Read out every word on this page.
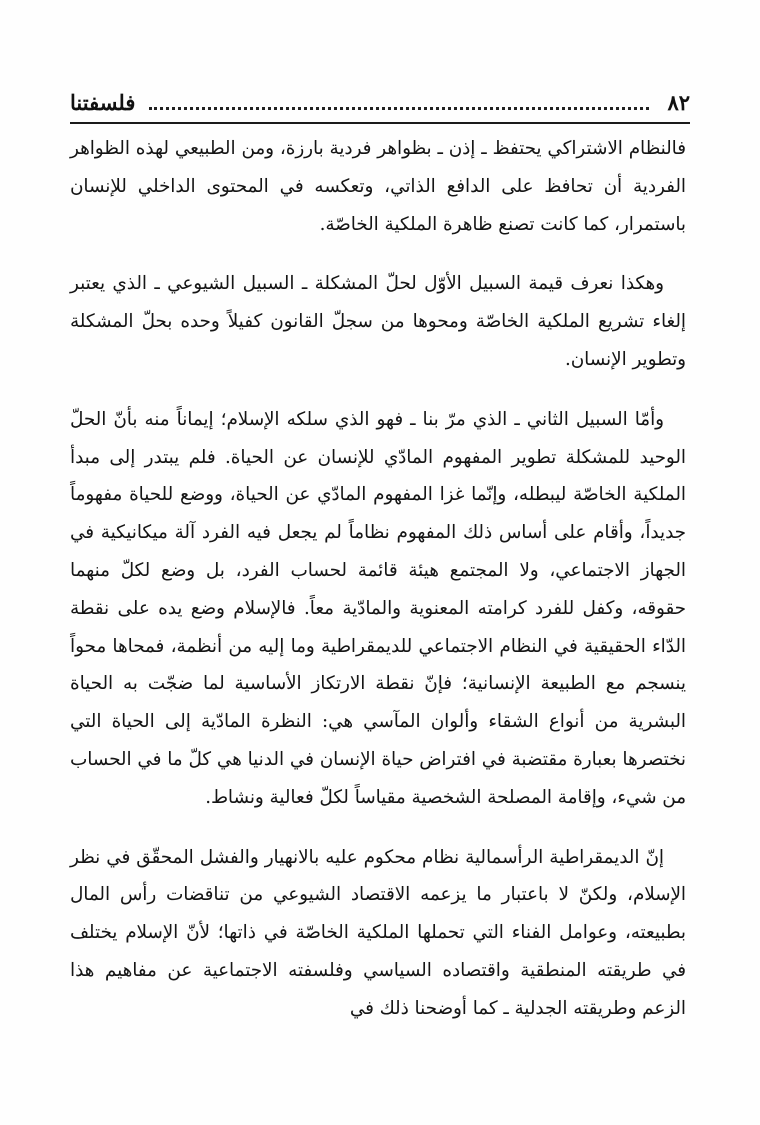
٨٢
فلسفتنا

فالنظام الاشتراكي يحتفظ ـ إذن ـ بظواهر فردية بارزة، ومن الطبيعي لهذه الظواهر الفردية أن تحافظ على الدافع الذاتي، وتعكسه في المحتوى الداخلي للإنسان باستمرار، كما كانت تصنع ظاهرة الملكية الخاصّة.

وهكذا نعرف قيمة السبيل الأوّل لحلّ المشكلة ـ السبيل الشيوعي ـ الذي يعتبر إلغاء تشريع الملكية الخاصّة ومحوها من سجلّ القانون كفيلاً وحده بحلّ المشكلة وتطوير الإنسان.

وأمّا السبيل الثاني ـ الذي مرّ بنا ـ فهو الذي سلكه الإسلام؛ إيماناً منه بأنّ الحلّ الوحيد للمشكلة تطوير المفهوم المادّي للإنسان عن الحياة. فلم يبتدر إلى مبدأ الملكية الخاصّة ليبطله، وإنّما غزا المفهوم المادّي عن الحياة، ووضع للحياة مفهوماً جديداً، وأقام على أساس ذلك المفهوم نظاماً لم يجعل فيه الفرد آلة ميكانيكية في الجهاز الاجتماعي، ولا المجتمع هيئة قائمة لحساب الفرد، بل وضع لكلّ منهما حقوقه، وكفل للفرد كرامته المعنوية والمادّية معاً. فالإسلام وضع يده على نقطة الدّاء الحقيقية في النظام الاجتماعي للديمقراطية وما إليه من أنظمة، فمحاها محواً ينسجم مع الطبيعة الإنسانية؛ فإنّ نقطة الارتكاز الأساسية لما ضجّت به الحياة البشرية من أنواع الشقاء وألوان المآسي هي: النظرة المادّية إلى الحياة التي نختصرها بعبارة مقتضبة في افتراض حياة الإنسان في الدنيا هي كلّ ما في الحساب من شيء، وإقامة المصلحة الشخصية مقياساً لكلّ فعالية ونشاط.

إنّ الديمقراطية الرأسمالية نظام محكوم عليه بالانهيار والفشل المحقّق في نظر الإسلام، ولكنّ لا باعتبار ما يزعمه الاقتصاد الشيوعي من تناقضات رأس المال بطبيعته، وعوامل الفناء التي تحملها الملكية الخاصّة في ذاتها؛ لأنّ الإسلام يختلف في طريقته المنطقية واقتصاده السياسي وفلسفته الاجتماعية عن مفاهيم هذا الزعم وطريقته الجدلية ـ كما أوضحنا ذلك في
